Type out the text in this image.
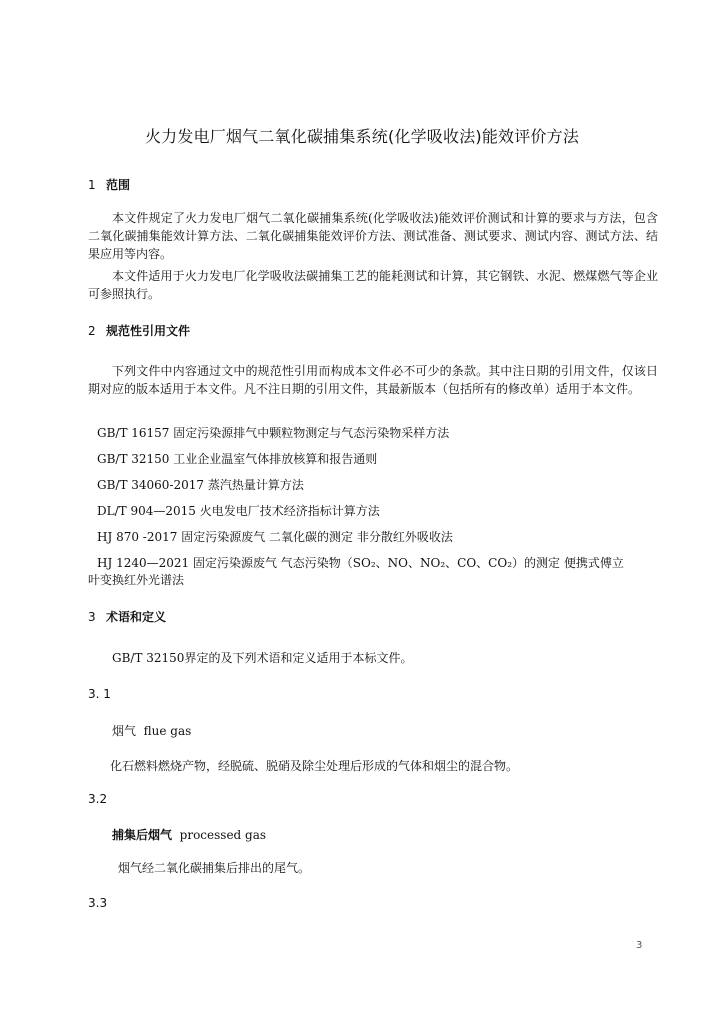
火力发电厂烟气二氧化碳捕集系统(化学吸收法)能效评价方法
1 范围
本文件规定了火力发电厂烟气二氧化碳捕集系统(化学吸收法)能效评价测试和计算的要求与方法，包含二氧化碳捕集能效计算方法、二氧化碳捕集能效评价方法、测试准备、测试要求、测试内容、测试方法、结果应用等内容。
本文件适用于火力发电厂化学吸收法碳捕集工艺的能耗测试和计算，其它钢铁、水泥、燃煤燃气等企业可参照执行。
2 规范性引用文件
下列文件中内容通过文中的规范性引用而构成本文件必不可少的条款。其中注日期的引用文件，仅该日期对应的版本适用于本文件。凡不注日期的引用文件，其最新版本（包括所有的修改单）适用于本文件。
GB/T 16157 固定污染源排气中颗粒物测定与气态污染物采样方法
GB/T 32150 工业企业温室气体排放核算和报告通则
GB/T 34060-2017 蒸汽热量计算方法
DL/T 904—2015 火电发电厂技术经济指标计算方法
HJ 870 -2017 固定污染源废气 二氧化碳的测定 非分散红外吸收法
HJ 1240—2021 固定污染源废气 气态污染物（SO₂、NO、NO₂、CO、CO₂）的测定 便携式傅立
叶变换红外光谱法
3 术语和定义
GB/T 32150界定的及下列术语和定义适用于本标文件。
3. 1
烟气 flue gas
化石燃料燃烧产物，经脱硫、脱硝及除尘处理后形成的气体和烟尘的混合物。
3.2
捕集后烟气 processed gas
烟气经二氧化碳捕集后排出的尾气。
3.3
3
